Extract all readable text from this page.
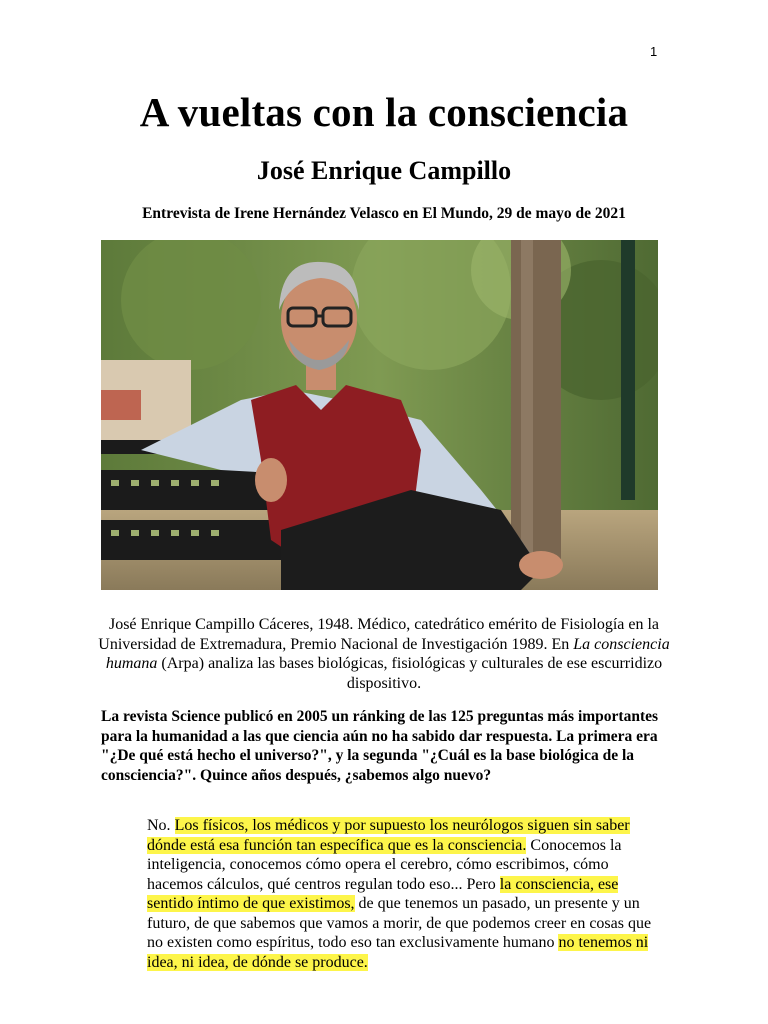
1
A vueltas con la consciencia
José Enrique Campillo
Entrevista de Irene Hernández Velasco en El Mundo, 29 de mayo de 2021
José Enrique Campillo Cáceres, 1948. Médico, catedrático emérito de Fisiología en la Universidad de Extremadura, Premio Nacional de Investigación 1989. En La consciencia humana (Arpa) analiza las bases biológicas, fisiológicas y culturales de ese escurridizo dispositivo.
La revista Science publicó en 2005 un ránking de las 125 preguntas más importantes para la humanidad a las que ciencia aún no ha sabido dar respuesta. La primera era "¿De qué está hecho el universo?", y la segunda "¿Cuál es la base biológica de la consciencia?". Quince años después, ¿sabemos algo nuevo?
No. Los físicos, los médicos y por supuesto los neurólogos siguen sin saber dónde está esa función tan específica que es la consciencia. Conocemos la inteligencia, conocemos cómo opera el cerebro, cómo escribimos, cómo hacemos cálculos, qué centros regulan todo eso... Pero la consciencia, ese sentido íntimo de que existimos, de que tenemos un pasado, un presente y un futuro, de que sabemos que vamos a morir, de que podemos creer en cosas que no existen como espíritus, todo eso tan exclusivamente humano no tenemos ni idea, ni idea, de dónde se produce.
